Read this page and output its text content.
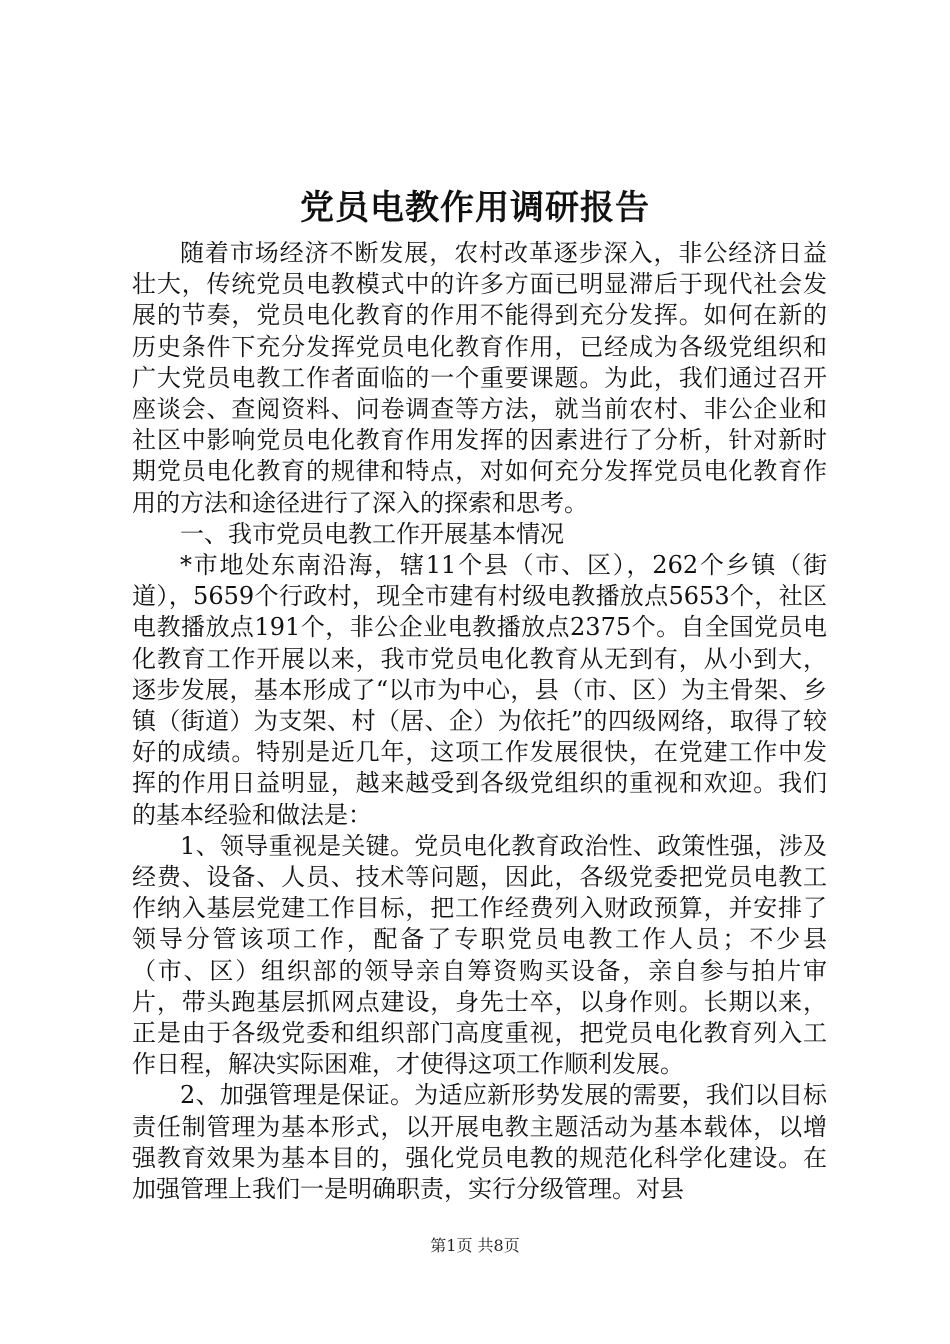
党员电教作用调研报告

随着市场经济不断发展，农村改革逐步深入，非公经济日益壮大，传统党员电教模式中的许多方面已明显滞后于现代社会发展的节奏，党员电化教育的作用不能得到充分发挥。如何在新的历史条件下充分发挥党员电化教育作用，已经成为各级党组织和广大党员电教工作者面临的一个重要课题。为此，我们通过召开座谈会、查阅资料、问卷调查等方法，就当前农村、非公企业和社区中影响党员电化教育作用发挥的因素进行了分析，针对新时期党员电化教育的规律和特点，对如何充分发挥党员电化教育作用的方法和途径进行了深入的探索和思考。

一、我市党员电教工作开展基本情况

*市地处东南沿海，辖11个县（市、区），262个乡镇（街道），5659个行政村，现全市建有村级电教播放点5653个，社区电教播放点191个，非公企业电教播放点2375个。自全国党员电化教育工作开展以来，我市党员电化教育从无到有，从小到大，逐步发展，基本形成了“以市为中心，县（市、区）为主骨架、乡镇（街道）为支架、村（居、企）为依托”的四级网络，取得了较好的成绩。特别是近几年，这项工作发展很快，在党建工作中发挥的作用日益明显，越来越受到各级党组织的重视和欢迎。我们的基本经验和做法是：

1、领导重视是关键。党员电化教育政治性、政策性强，涉及经费、设备、人员、技术等问题，因此，各级党委把党员电教工作纳入基层党建工作目标，把工作经费列入财政预算，并安排了领导分管该项工作，配备了专职党员电教工作人员；不少县（市、区）组织部的领导亲自筹资购买设备，亲自参与拍片审片，带头跑基层抓网点建设，身先士卒，以身作则。长期以来，正是由于各级党委和组织部门高度重视，把党员电化教育列入工作日程，解决实际困难，才使得这项工作顺利发展。

2、加强管理是保证。为适应新形势发展的需要，我们以目标责任制管理为基本形式，以开展电教主题活动为基本载体，以增强教育效果为基本目的，强化党员电教的规范化科学化建设。在加强管理上我们一是明确职责，实行分级管理。对县

第1页 共8页
